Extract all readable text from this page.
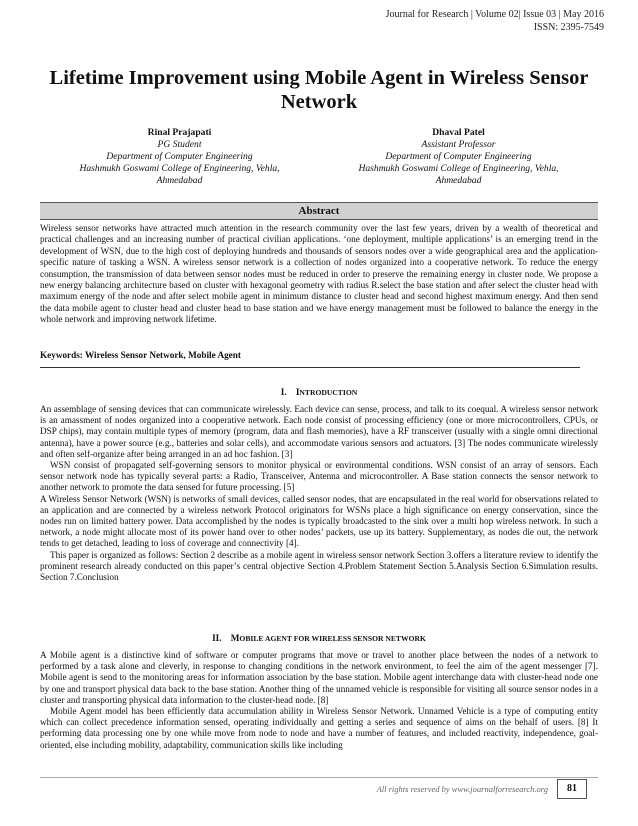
Journal for Research | Volume 02| Issue 03 | May 2016
ISSN: 2395-7549
Lifetime Improvement using Mobile Agent in Wireless Sensor Network
Rinal Prajapati
PG Student
Department of Computer Engineering
Hashmukh Goswami College of Engineering, Vehla,
Ahmedabad
Dhaval Patel
Assistant Professor
Department of Computer Engineering
Hashmukh Goswami College of Engineering, Vehla,
Ahmedabad
Abstract

Wireless sensor networks have attracted much attention in the research community over the last few years, driven by a wealth of theoretical and practical challenges and an increasing number of practical civilian applications. ‘one deployment, multiple applications’ is an emerging trend in the development of WSN, due to the high cost of deploying hundreds and thousands of sensors nodes over a wide geographical area and the application-specific nature of tasking a WSN. A wireless sensor network is a collection of nodes organized into a cooperative network. To reduce the energy consumption, the transmission of data between sensor nodes must be reduced in order to preserve the remaining energy in cluster node. We propose a new energy balancing architecture based on cluster with hexagonal geometry with radius R.select the base station and after select the cluster head with maximum energy of the node and after select mobile agent in minimum distance to cluster head and second highest maximum energy. And then send the data mobile agent to cluster head and cluster head to base station and we have energy management must be followed to balance the energy in the whole network and improving network lifetime.

Keywords: Wireless Sensor Network, Mobile Agent

I. INTRODUCTION

An assemblage of sensing devices that can communicate wirelessly. Each device can sense, process, and talk to its coequal. A wireless sensor network is an amassment of nodes organized into a cooperative network. Each node consist of processing efficiency (one or more microcontrollers, CPUs, or DSP chips), may contain multiple types of memory (program, data and flash memories), have a RF transceiver (usually with a single omni directional antenna), have a power source (e.g., batteries and solar cells), and accommodate various sensors and actuators. [3] The nodes communicate wirelessly and often self-organize after being arranged in an ad hoc fashion. [3]

WSN consist of propagated self-governing sensors to monitor physical or environmental conditions. WSN consist of an array of sensors. Each sensor network node has typically several parts: a Radio, Transceiver, Antenna and microcontroller. A Base station connects the sensor network to another network to promote the data sensed for future processing. [5]

A Wireless Sensor Network (WSN) is networks of small devices, called sensor nodes, that are encapsulated in the real world for observations related to an application and are connected by a wireless network Protocol originators for WSNs place a high significance on energy conservation, since the nodes run on limited battery power. Data accomplished by the nodes is typically broadcasted to the sink over a multi hop wireless network. In such a network, a node might allocate most of its power hand over to other nodes’ packets, use up its battery. Supplementary, as nodes die out, the network tends to get detached, leading to loss of coverage and connectivity [4].

This paper is organized as follows: Section 2 describe as a mobile agent in wireless sensor network Section 3.offers a literature review to identify the prominent research already conducted on this paper’s central objective Section 4.Problem Statement Section 5.Analysis Section 6.Simulation results. Section 7.Conclusion

II. MOBILE AGENT FOR WIRELESS SENSOR NETWORK

A Mobile agent is a distinctive kind of software or computer programs that move or travel to another place between the nodes of a network to performed by a task alone and cleverly, in response to changing conditions in the network environment, to feel the aim of the agent messenger [7]. Mobile agent is send to the monitoring areas for information association by the base station. Mobile agent interchange data with cluster-head node one by one and transport physical data back to the base station. Another thing of the unnamed vehicle is responsible for visiting all source sensor nodes in a cluster and transporting physical data information to the cluster-head node. [8]

Mobile Agent model has been efficiently data accumulation ability in Wireless Sensor Network. Unnamed Vehicle is a type of computing entity which can collect precedence information sensed, operating individually and getting a series and sequence of aims on the behalf of users. [8] It performing data processing one by one while move from node to node and have a number of features, and included reactivity, independence, goal-oriented, else including mobility, adaptability, communication skills like including

All rights reserved by www.journalforresearch.org	81
